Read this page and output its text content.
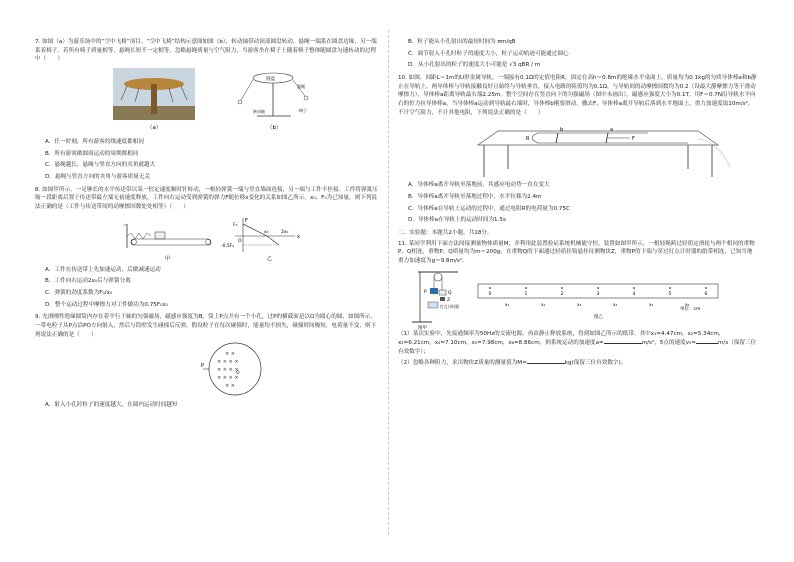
7. 如图（a）为游乐场中的“空中飞椅”项目。“空中飞椅”结构示意图如图（b），转动轴带动顶部圆盘转动，悬绳一端系在圆盘边缘，另一端系着椅子。若所有椅子质量相等，悬绳长短不一定相等，忽略悬绳质量与空气阻力，当游客坐在椅子上随着椅子整体随圆盘匀速转动的过程中（　　）

（a）
圆盘
转动轴
悬绳
椅子
（b）

A．任一时刻，所有游客的线速度都相同

B．所有游客做圆周运动的周期都相同

C．悬绳越长，悬绳与竖直方向的夹角就越大

D．悬绳与竖直方向的夹角与游客质量无关

8. 如图甲所示，一足够长的水平传送带以某一恒定速度顺时针转动，一根轻弹簧一端与竖直墙面连接，另一端与工件不拴接。工件将弹簧压缩一段距离后置于传送带最左端无初速度释放，工件向右运动受到弹簧的弹力F随位移x变化的关系如图乙所示，x₀、F₀为已知量，则下列说法正确的是（工件与传送带间的动摩擦因数处处相等）（　　）

甲
F
x
O
F₀
-0.5F₀
x₀	2x₀
乙

A．工件在传送带上先加速运动，后做减速运动

B．工件向右运动2x₀后与弹簧分离

C．弹簧的劲度系数为F₀/x₀

D．整个运动过程中摩擦力对工件做功为0.75F₀x₀

9. 光滑刚性绝缘圆筒内存在着平行于轴的匀强磁场，磁感应强度为B，筒上P点开有一个小孔，过P的横截面是以O为圆心的圆，如图所示。一带电粒子从P点沿PO方向射入，然后与筒壁发生碰撞后反弹。假设粒子在每次碰撞时，能量均不损失，碰撞时间极短，电荷量不变，则下列说法正确的是（　　）

× ×
× × × ×
× × × ×
× × × ×
× ×
P
O

A．射入小孔时粒子的速度越大，在圆内运动时间越短

B．粒子能从小孔射出的最短时间为 πm/qB

C．调节射入小孔时粒子的速度大小，粒子运动轨迹可能通过圆心

D．从小孔射出的粒子的速度大小可能是 √3 qBR / m

10. 如图，间距L＝1m的U形金属导轨，一端接有0.1Ω的定值电阻R，固定在高h＝0.8m的绝缘水平桌面上。质量均为0.1kg的匀质导体棒a和b静止在导轨上，两导体棒与导轨接触良好且始终与导轨垂直，接入电路的阻值均为0.1Ω，与导轨间的动摩擦因数均为0.2（设最大静摩擦力等于滑动摩擦力），导体棒a距离导轨最右端2.25m。整个空间存在竖直向下的匀强磁场（图中未画出），磁感应强度大小为0.1T。用F＝0.7N沿导轨水平向右的恒力拉导体棒a，当导体棒a运动到导轨最右端时，导体棒b刚要滑动，撤去F，导体棒a离开导轨后落到水平地面上。重力加速度取10m/s²，不计空气阻力，不计其他电阻，下列说法正确的是（　　）

R
b	a
F

A．导体棒a离开导轨至落地前，其感应电动势一直在变大

B．导体棒a离开导轨至落地过程中，水平位移为2.4m

C．导体棒a在导轨上运动的过程中，通过电阻R的电荷量为0.75C

D．导体棒a在导轨上的运动时间为1.5s

二、实验题：本题共2小题，共18分。

11. 某同学利用下面方法间接测量物体质量M，并利用此装置验证系统机械能守恒。装置如图甲所示，一根轻绳跨过轻质定滑轮与两个相同的重物P、Q相连，重物P、Q质量均为m＝200g，在重物Q的下面通过轻质挂钩悬挂待测物块Z，重物P的下端与穿过打点计时器的纸带相连，已知当地重力加速度为g＝9.8m/s²。

P	Q
Z
打点计时器
图甲
0	1	2	3	4	5	6
x₁	x₂	x₃	x₄	x₅	x₆
单位：cm
图乙

（1）某次实验中，先接通频率为50Hz的交流电源，再由静止释放系统，得到如图乙所示的纸带，其中x₁=4.47cm，x₂=5.34cm，x₃=6.21cm，x₄=7.10cm，x₅=7.98cm，x₆=8.86cm，则系统运动的加速度a=	m/s²，5点的速度v₅=	m/s（保留三位有效数字）；

（2）忽略各种阻力，求出物块Z质量的测量值为M=	kg(保留三位有效数字)；
